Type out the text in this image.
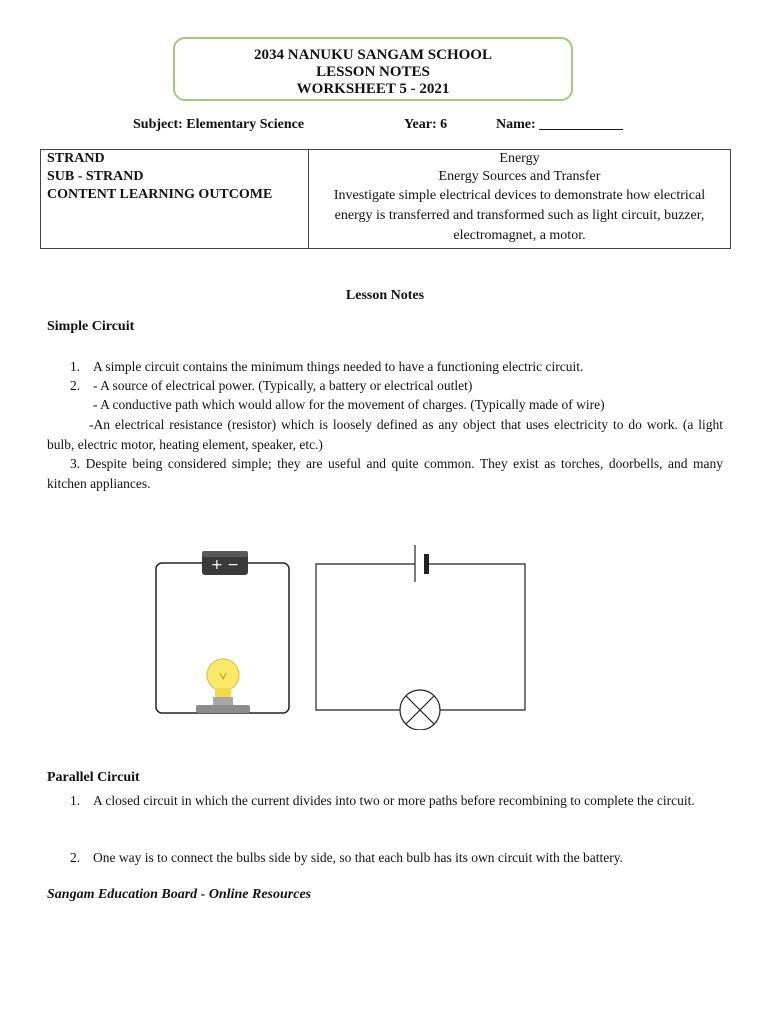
2034 NANUKU SANGAM SCHOOL
LESSON NOTES
WORKSHEET 5 - 2021
Subject: Elementary Science	Year: 6	Name: ____________
STRAND	Energy
SUB - STRAND	Energy Sources and Transfer
CONTENT LEARNING OUTCOME	Investigate simple electrical devices to demonstrate how electrical energy is transferred and transformed such as light circuit, buzzer, electromagnet, a motor.
Lesson Notes
Simple Circuit
1. A simple circuit contains the minimum things needed to have a functioning electric circuit.
2. - A source of electrical power. (Typically, a battery or electrical outlet)
- A conductive path which would allow for the movement of charges. (Typically made of wire)
-An electrical resistance (resistor) which is loosely defined as any object that uses electricity to do work. (a light bulb, electric motor, heating element, speaker, etc.)
3. Despite being considered simple; they are useful and quite common. They exist as torches, doorbells, and many kitchen appliances.
+ −
Parallel Circuit
1. A closed circuit in which the current divides into two or more paths before recombining to complete the circuit.
2. One way is to connect the bulbs side by side, so that each bulb has its own circuit with the battery.
Sangam Education Board - Online Resources
